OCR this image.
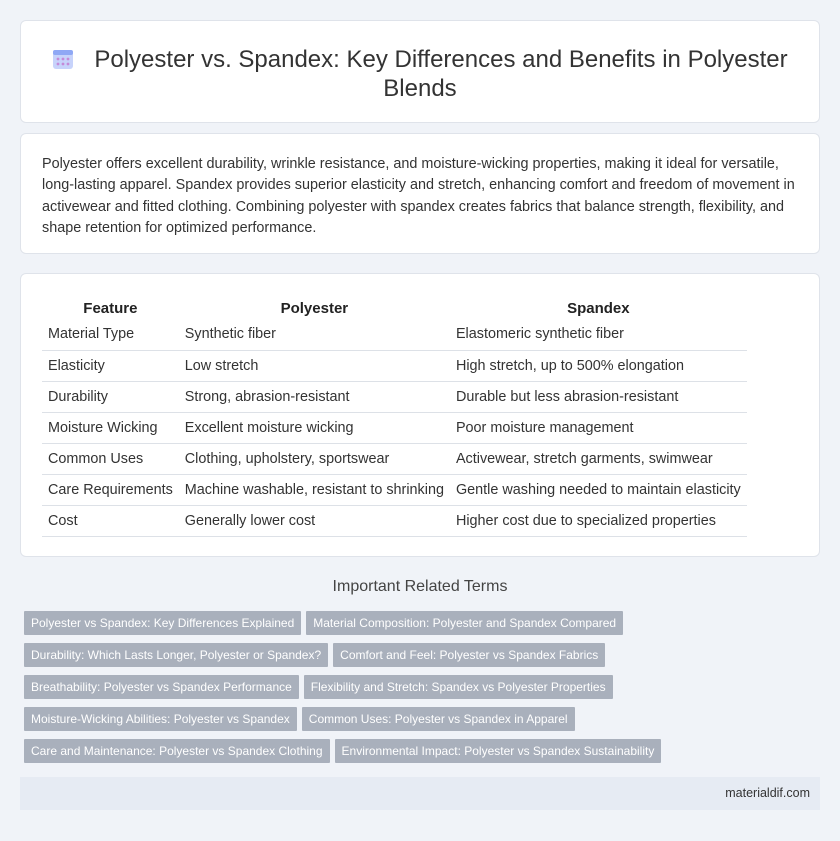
Polyester vs. Spandex: Key Differences and Benefits in Polyester Blends

Polyester offers excellent durability, wrinkle resistance, and moisture-wicking properties, making it ideal for versatile, long-lasting apparel. Spandex provides superior elasticity and stretch, enhancing comfort and freedom of movement in activewear and fitted clothing. Combining polyester with spandex creates fabrics that balance strength, flexibility, and shape retention for optimized performance.

Feature	Polyester	Spandex
Material Type	Synthetic fiber	Elastomeric synthetic fiber
Elasticity	Low stretch	High stretch, up to 500% elongation
Durability	Strong, abrasion-resistant	Durable but less abrasion-resistant
Moisture Wicking	Excellent moisture wicking	Poor moisture management
Common Uses	Clothing, upholstery, sportswear	Activewear, stretch garments, swimwear
Care Requirements	Machine washable, resistant to shrinking	Gentle washing needed to maintain elasticity
Cost	Generally lower cost	Higher cost due to specialized properties
Important Related Terms
Polyester vs Spandex: Key Differences Explained Material Composition: Polyester and Spandex Compared
Durability: Which Lasts Longer, Polyester or Spandex? Comfort and Feel: Polyester vs Spandex Fabrics
Breathability: Polyester vs Spandex Performance Flexibility and Stretch: Spandex vs Polyester Properties
Moisture-Wicking Abilities: Polyester vs Spandex Common Uses: Polyester vs Spandex in Apparel
Care and Maintenance: Polyester vs Spandex Clothing Environmental Impact: Polyester vs Spandex Sustainability
materialdif.com
